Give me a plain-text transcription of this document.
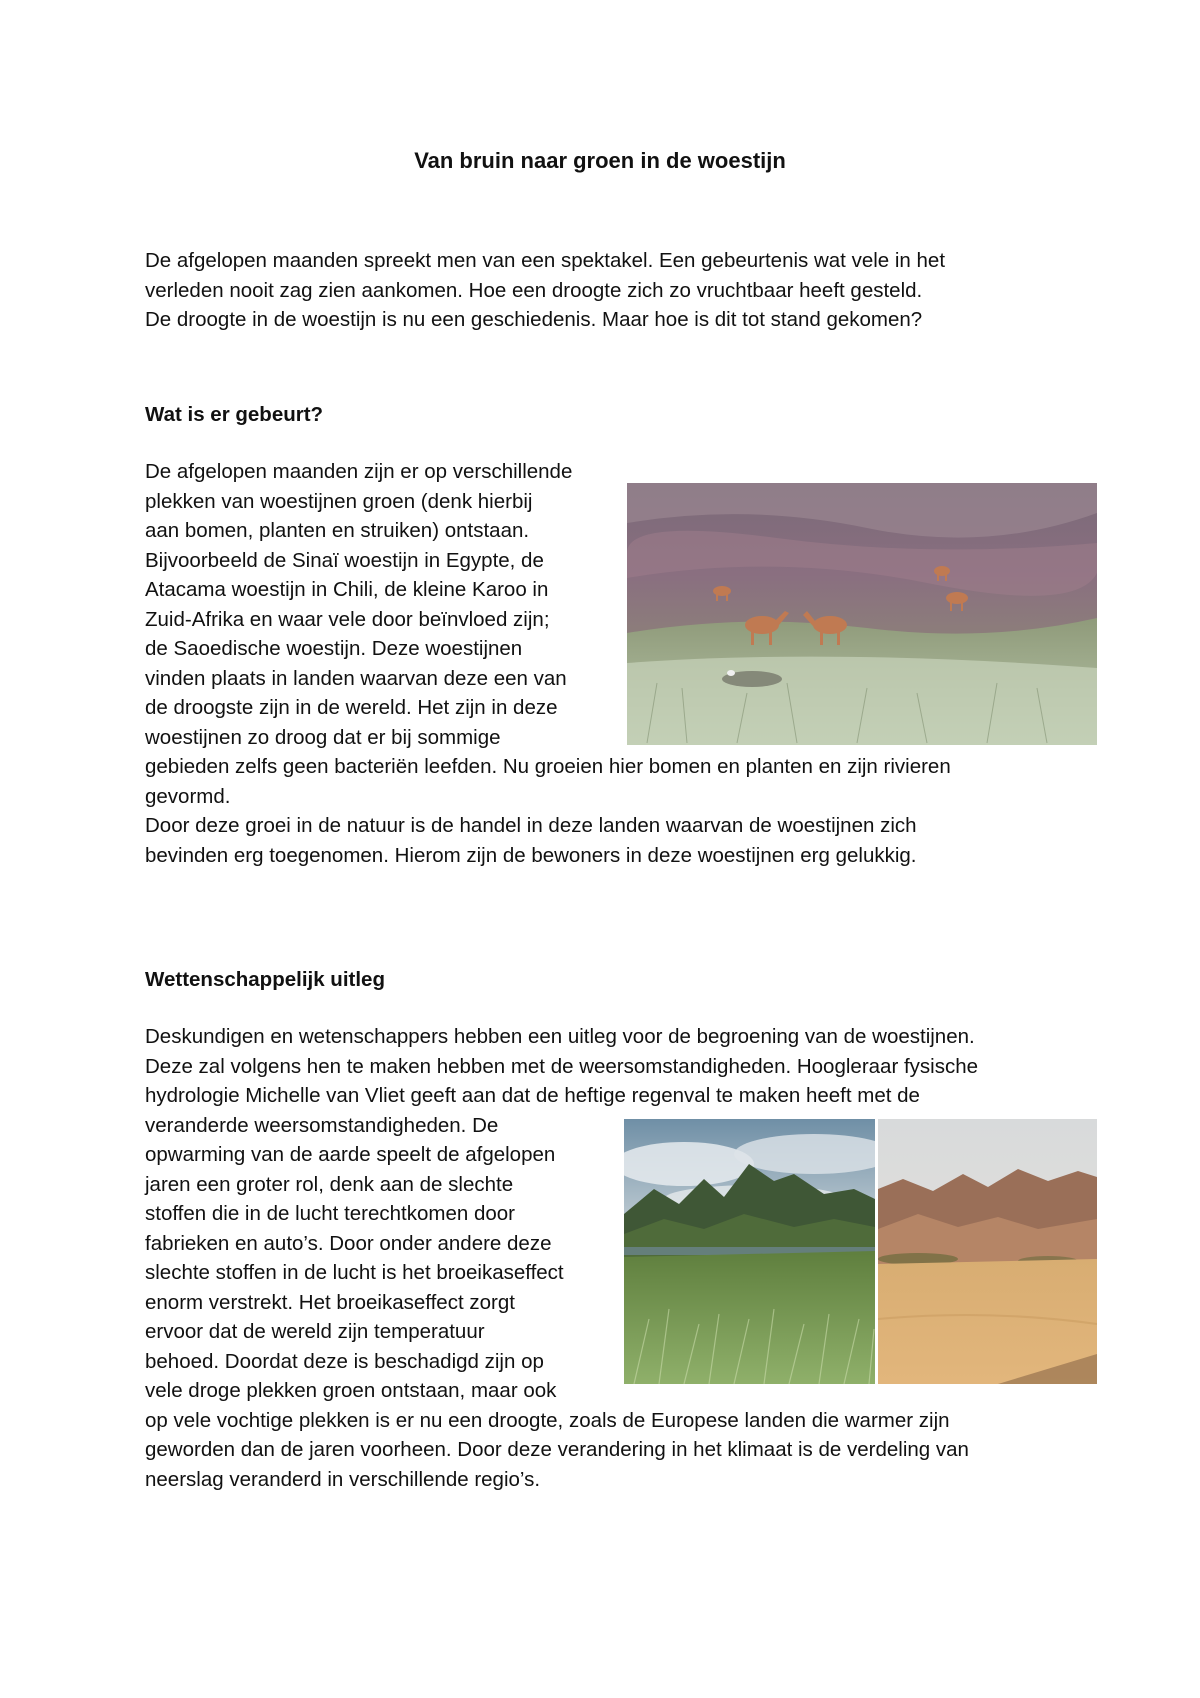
Van bruin naar groen in de woestijn
De afgelopen maanden spreekt men van een spektakel. Een gebeurtenis wat vele in het
verleden nooit zag zien aankomen. Hoe een droogte zich zo vruchtbaar heeft gesteld.
De droogte in de woestijn is nu een geschiedenis. Maar hoe is dit tot stand gekomen?
Wat is er gebeurt?
De afgelopen maanden zijn er op verschillende
plekken van woestijnen groen (denk hierbij
aan bomen, planten en struiken) ontstaan.
Bijvoorbeeld de Sinaï woestijn in Egypte, de
Atacama woestijn in Chili, de kleine Karoo in
Zuid-Afrika en waar vele door beïnvloed zijn;
de Saoedische woestijn. Deze woestijnen
vinden plaats in landen waarvan deze een van
de droogste zijn in de wereld. Het zijn in deze
woestijnen zo droog dat er bij sommige
gebieden zelfs geen bacteriën leefden. Nu groeien hier bomen en planten en zijn rivieren
gevormd.
Door deze groei in de natuur is de handel in deze landen waarvan de woestijnen zich
bevinden erg toegenomen. Hierom zijn de bewoners in deze woestijnen erg gelukkig.
Wettenschappelijk uitleg
Deskundigen en wetenschappers hebben een uitleg voor de begroening van de woestijnen.
Deze zal volgens hen te maken hebben met de weersomstandigheden. Hoogleraar fysische
hydrologie Michelle van Vliet geeft aan dat de heftige regenval te maken heeft met de
veranderde weersomstandigheden. De
opwarming van de aarde speelt de afgelopen
jaren een groter rol, denk aan de slechte
stoffen die in de lucht terechtkomen door
fabrieken en auto’s. Door onder andere deze
slechte stoffen in de lucht is het broeikaseffect
enorm verstrekt. Het broeikaseffect zorgt
ervoor dat de wereld zijn temperatuur
behoed. Doordat deze is beschadigd zijn op
vele droge plekken groen ontstaan, maar ook
op vele vochtige plekken is er nu een droogte, zoals de Europese landen die warmer zijn
geworden dan de jaren voorheen. Door deze verandering in het klimaat is de verdeling van
neerslag veranderd in verschillende regio’s.
